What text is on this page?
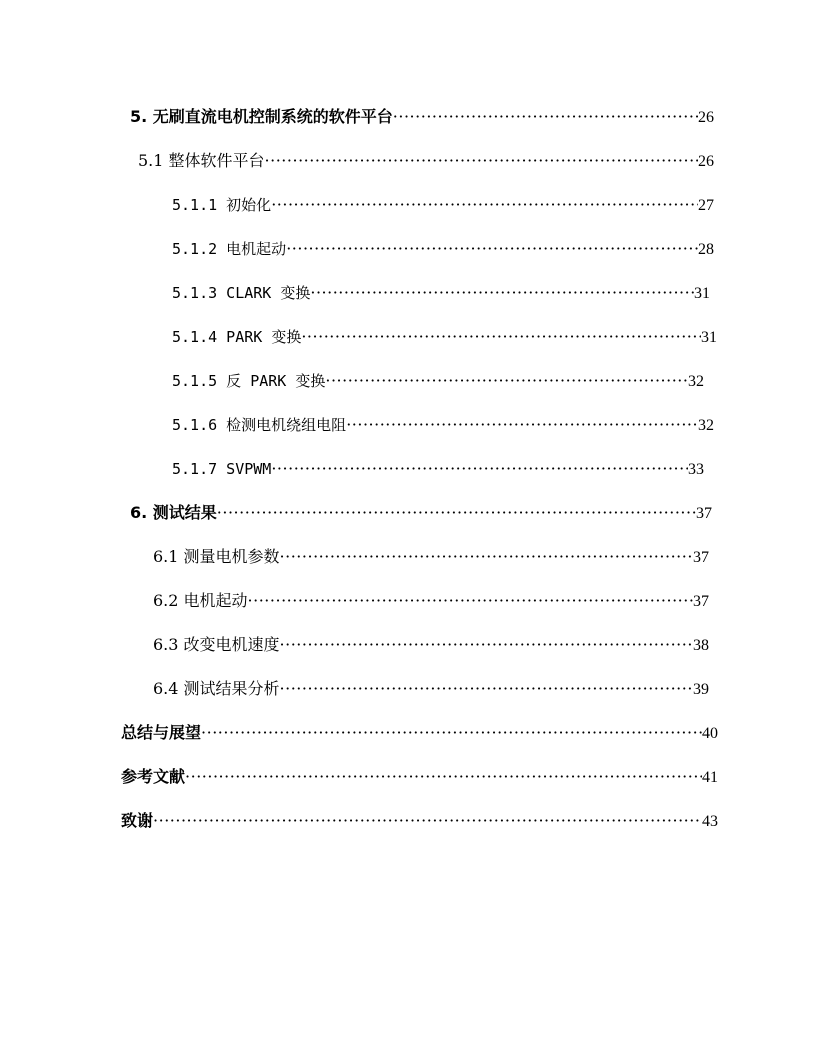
5. 无刷直流电机控制系统的软件平台 ·····	26
5.1 整体软件平台 ·····	26
5.1.1 初始化 ·····	27
5.1.2 电机起动 ·····	28
5.1.3 CLARK 变换 ·····	31
5.1.4 PARK 变换 ·····	31
5.1.5 反 PARK 变换 ·····	32
5.1.6 检测电机绕组电阻 ·····	32
5.1.7 SVPWM ·····	33
6. 测试结果 ·····	37
6.1 测量电机参数 ·····	37
6.2 电机起动 ·····	37
6.3 改变电机速度 ·····	38
6.4 测试结果分析 ·····	39
总结与展望 ·····	40
参考文献 ·····	41
致谢 ·····	43
